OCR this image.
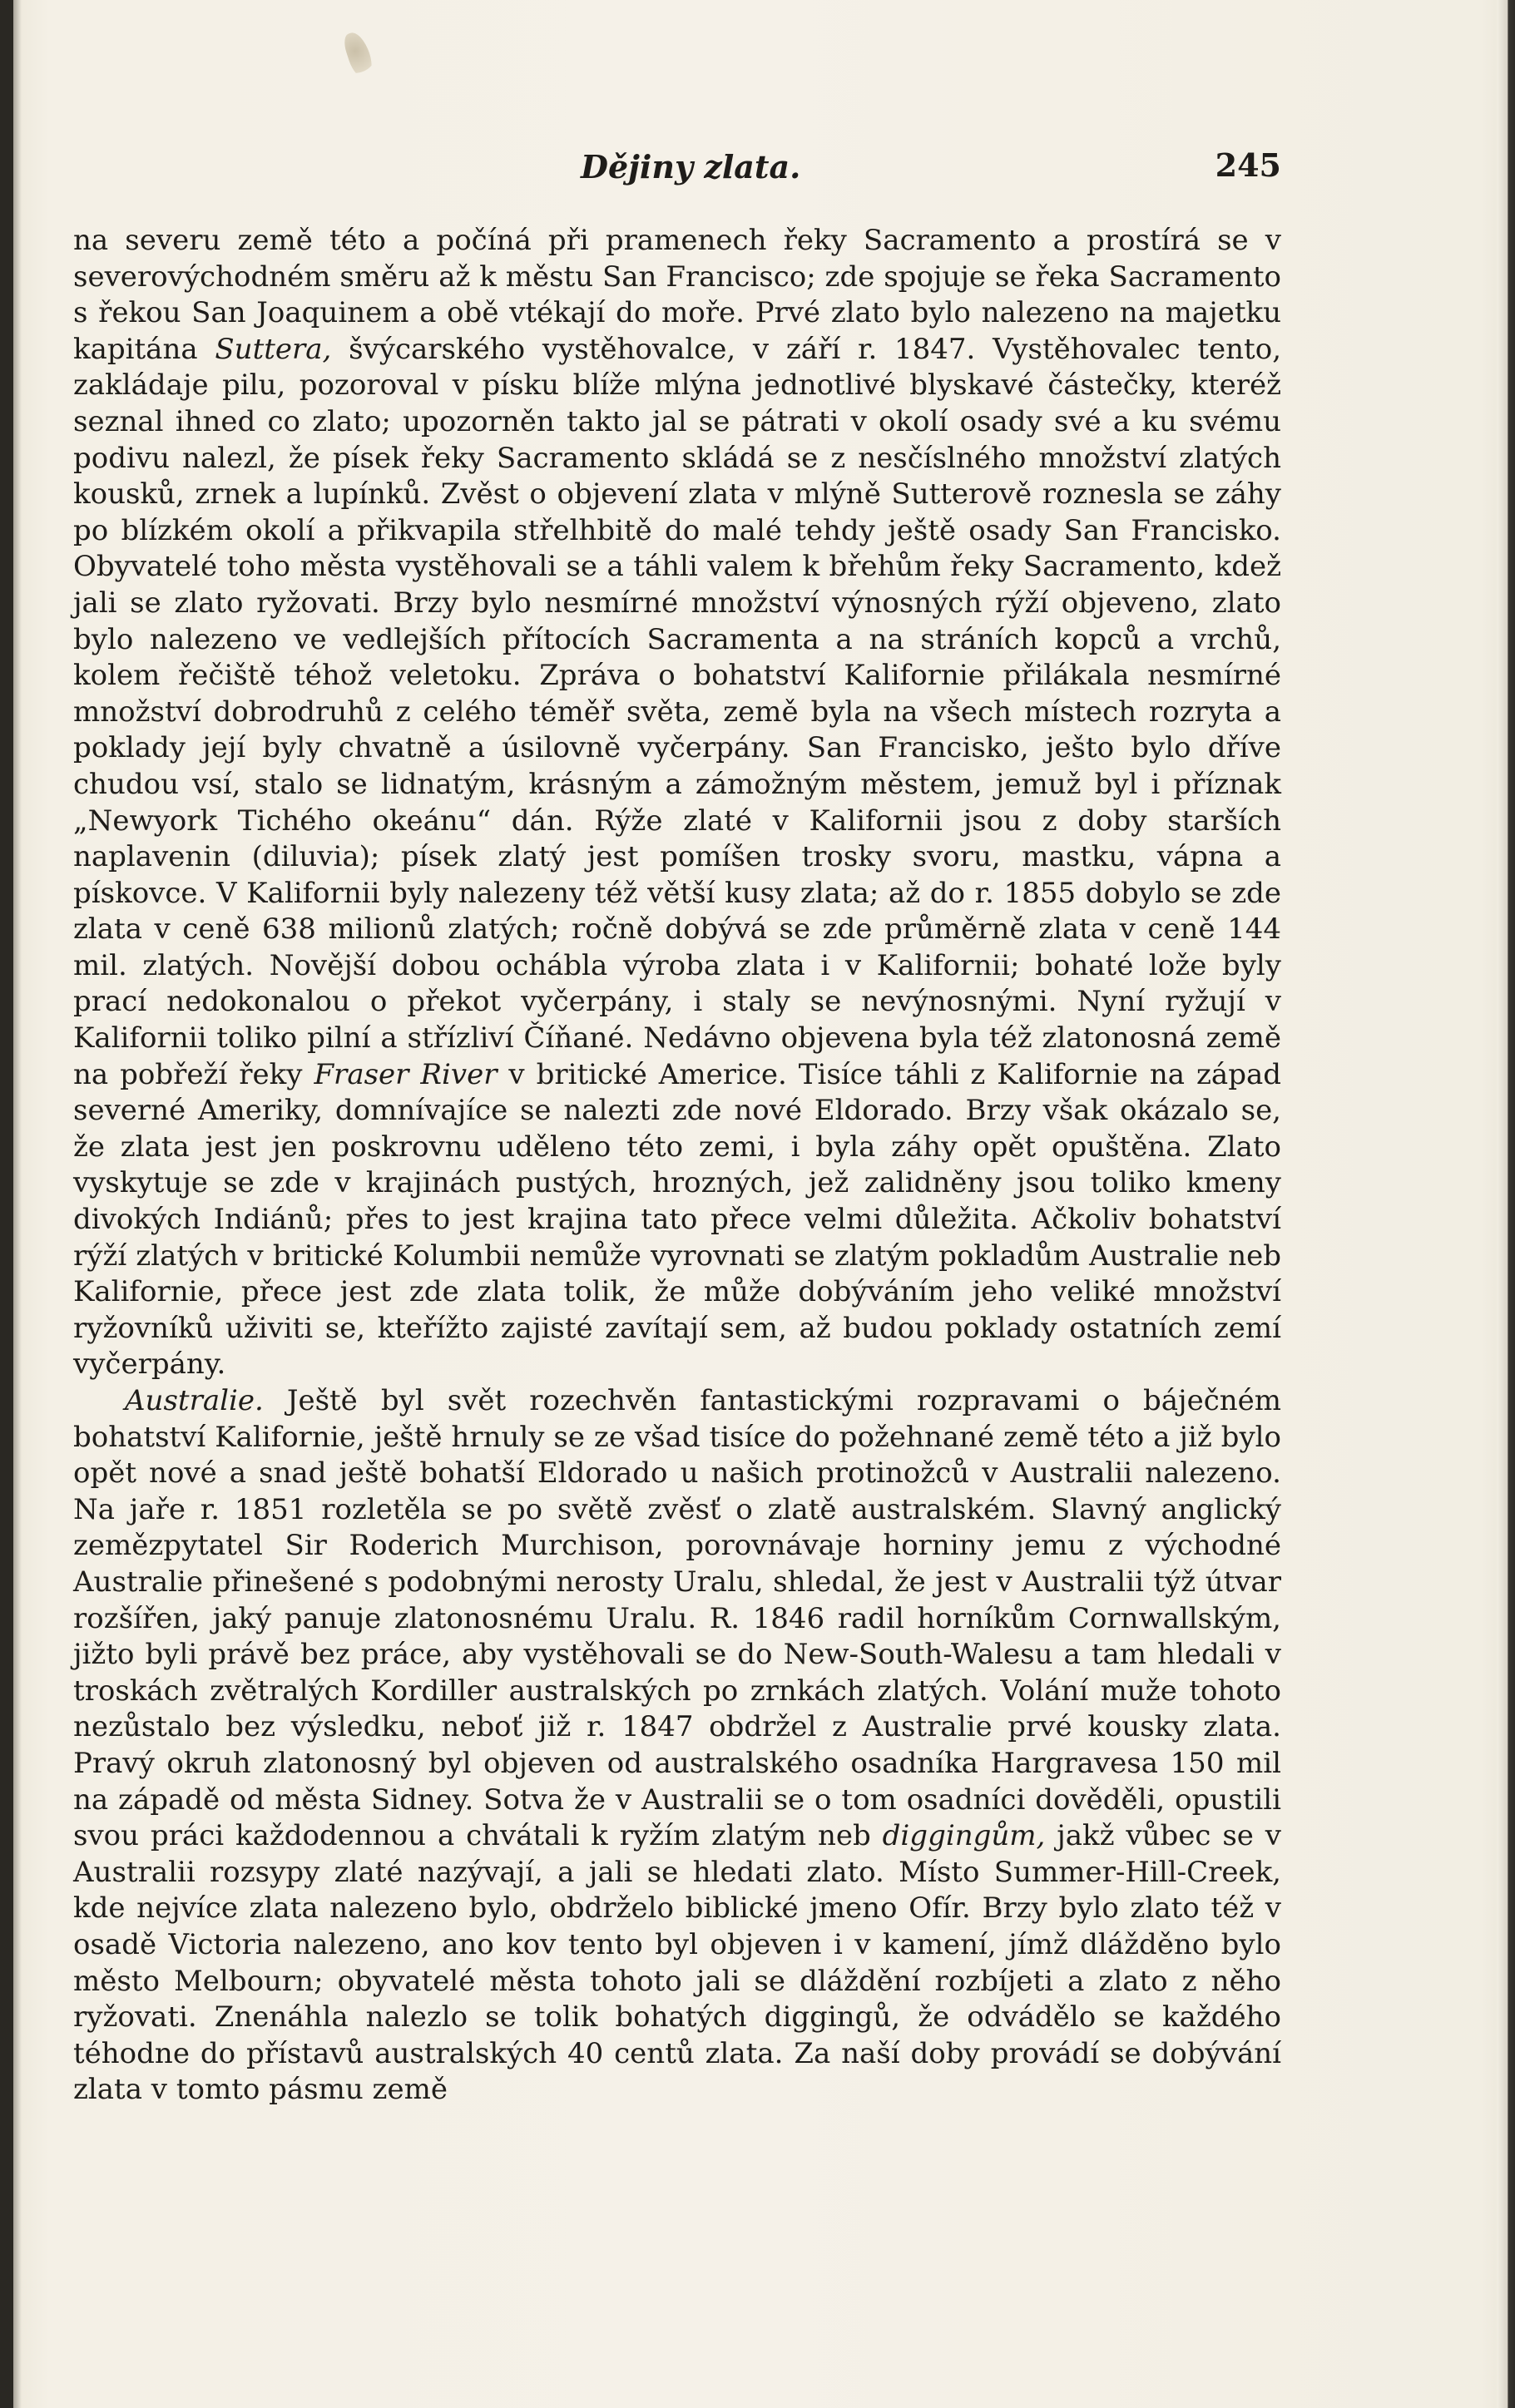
Dějiny zlata.	245

na severu země této a počíná při pramenech řeky Sacramento a prostírá se v severovýchodném směru až k městu San Francisco; zde spojuje se řeka Sacramento s řekou San Joaquinem a obě vtékají do moře. Prvé zlato bylo nalezeno na majetku kapitána Suttera, švýcarského vystěhovalce, v září r. 1847. Vystěhovalec tento, zakládaje pilu, pozoroval v písku blíže mlýna jednotlivé blyskavé částečky, kteréž seznal ihned co zlato; upozorněn takto jal se pátrati v okolí osady své a ku svému podivu nalezl, že písek řeky Sacramento skládá se z nesčíslného množství zlatých kousků, zrnek a lupínků. Zvěst o objevení zlata v mlýně Sutterově roznesla se záhy po blízkém okolí a přikvapila střelhbitě do malé tehdy ještě osady San Francisko. Obyvatelé toho města vystěhovali se a táhli valem k břehům řeky Sacramento, kdež jali se zlato ryžovati. Brzy bylo nesmírné množství výnosných rýží objeveno, zlato bylo nalezeno ve vedlejších přítocích Sacramenta a na stráních kopců a vrchů, kolem řečiště téhož veletoku. Zpráva o bohatství Kalifornie přilákala nesmírné množství dobrodruhů z celého téměř světa, země byla na všech místech rozryta a poklady její byly chvatně a úsilovně vyčerpány. San Francisko, ješto bylo dříve chudou vsí, stalo se lidnatým, krásným a zámožným městem, jemuž byl i příznak „Newyork Tichého okeánu“ dán. Rýže zlaté v Kalifornii jsou z doby starších naplavenin (diluvia); písek zlatý jest pomíšen trosky svoru, mastku, vápna a pískovce. V Kalifornii byly nalezeny též větší kusy zlata; až do r. 1855 dobylo se zde zlata v ceně 638 milionů zlatých; ročně dobývá se zde průměrně zlata v ceně 144 mil. zlatých. Novější dobou ochábla výroba zlata i v Kalifornii; bohaté lože byly prací nedokonalou o překot vyčerpány, i staly se nevýnosnými. Nyní ryžují v Kalifornii toliko pilní a střízliví Číňané. Nedávno objevena byla též zlatonosná země na pobřeží řeky Fraser River v britické Americe. Tisíce táhli z Kalifornie na západ severné Ameriky, domnívajíce se nalezti zde nové Eldorado. Brzy však okázalo se, že zlata jest jen poskrovnu uděleno této zemi, i byla záhy opět opuštěna. Zlato vyskytuje se zde v krajinách pustých, hrozných, jež zalidněny jsou toliko kmeny divokých Indiánů; přes to jest krajina tato přece velmi důležita. Ačkoliv bohatství rýží zlatých v britické Kolumbii nemůže vyrovnati se zlatým pokladům Australie neb Kalifornie, přece jest zde zlata tolik, že může dobýváním jeho veliké množství ryžovníků uživiti se, kteřížto zajisté zavítají sem, až budou poklady ostatních zemí vyčerpány.

Australie. Ještě byl svět rozechvěn fantastickými rozpravami o báječném bohatství Kalifornie, ještě hrnuly se ze všad tisíce do požehnané země této a již bylo opět nové a snad ještě bohatší Eldorado u našich protinožců v Australii nalezeno. Na jaře r. 1851 rozletěla se po světě zvěsť o zlatě australském. Slavný anglický zemězpytatel Sir Roderich Murchison, porovnávaje horniny jemu z východné Australie přinešené s podobnými nerosty Uralu, shledal, že jest v Australii týž útvar rozšířen, jaký panuje zlatonosnému Uralu. R. 1846 radil horníkům Cornwallským, jižto byli právě bez práce, aby vystěhovali se do New-South-Walesu a tam hledali v troskách zvětralých Kordiller australských po zrnkách zlatých. Volání muže tohoto nezůstalo bez výsledku, neboť již r. 1847 obdržel z Australie prvé kousky zlata. Pravý okruh zlatonosný byl objeven od australského osadníka Hargravesa 150 mil na západě od města Sidney. Sotva že v Australii se o tom osadníci dověděli, opustili svou práci každodennou a chvátali k ryžím zlatým neb diggingům, jakž vůbec se v Australii rozsypy zlaté nazývají, a jali se hledati zlato. Místo Summer-Hill-Creek, kde nejvíce zlata nalezeno bylo, obdrželo biblické jmeno Ofír. Brzy bylo zlato též v osadě Victoria nalezeno, ano kov tento byl objeven i v kamení, jímž dlážděno bylo město Melbourn; obyvatelé města tohoto jali se dláždění rozbíjeti a zlato z něho ryžovati. Znenáhla nalezlo se tolik bohatých diggingů, že odvádělo se každého téhodne do přístavů australských 40 centů zlata. Za naší doby provádí se dobývání zlata v tomto pásmu země
